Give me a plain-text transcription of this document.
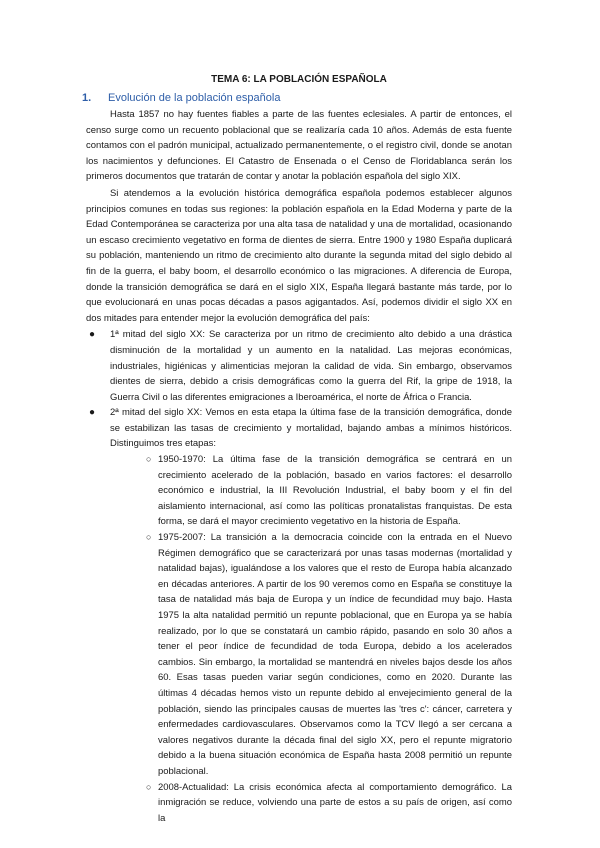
TEMA 6: LA POBLACIÓN ESPAÑOLA
1.	Evolución de la población española

Hasta 1857 no hay fuentes fiables a parte de las fuentes eclesiales. A partir de entonces, el censo surge como un recuento poblacional que se realizaría cada 10 años. Además de esta fuente contamos con el padrón municipal, actualizado permanentemente, o el registro civil, donde se anotan los nacimientos y defunciones. El Catastro de Ensenada o el Censo de Floridablanca serán los primeros documentos que tratarán de contar y anotar la población española del siglo XIX.

Si atendemos a la evolución histórica demográfica española podemos establecer algunos principios comunes en todas sus regiones: la población española en la Edad Moderna y parte de la Edad Contemporánea se caracteriza por una alta tasa de natalidad y una de mortalidad, ocasionando un escaso crecimiento vegetativo en forma de dientes de sierra. Entre 1900 y 1980 España duplicará su población, manteniendo un ritmo de crecimiento alto durante la segunda mitad del siglo debido al fin de la guerra, el baby boom, el desarrollo económico o las migraciones. A diferencia de Europa, donde la transición demográfica se dará en el siglo XIX, España llegará bastante más tarde, por lo que evolucionará en unas pocas décadas a pasos agigantados. Así, podemos dividir el siglo XX en dos mitades para entender mejor la evolución demográfica del país:

● 1ª mitad del siglo XX: Se caracteriza por un ritmo de crecimiento alto debido a una drástica disminución de la mortalidad y un aumento en la natalidad. Las mejoras económicas, industriales, higiénicas y alimenticias mejoran la calidad de vida. Sin embargo, observamos dientes de sierra, debido a crisis demográficas como la guerra del Rif, la gripe de 1918, la Guerra Civil o las diferentes emigraciones a Iberoamérica, el norte de África o Francia.
● 2ª mitad del siglo XX: Vemos en esta etapa la última fase de la transición demográfica, donde se estabilizan las tasas de crecimiento y mortalidad, bajando ambas a mínimos históricos. Distinguimos tres etapas:
○ 1950-1970: La última fase de la transición demográfica se centrará en un crecimiento acelerado de la población, basado en varios factores: el desarrollo económico e industrial, la III Revolución Industrial, el baby boom y el fin del aislamiento internacional, así como las políticas pronatalistas franquistas. De esta forma, se dará el mayor crecimiento vegetativo en la historia de España.
○ 1975-2007: La transición a la democracia coincide con la entrada en el Nuevo Régimen demográfico que se caracterizará por unas tasas modernas (mortalidad y natalidad bajas), igualándose a los valores que el resto de Europa había alcanzado en décadas anteriores. A partir de los 90 veremos como en España se constituye la tasa de natalidad más baja de Europa y un índice de fecundidad muy bajo. Hasta 1975 la alta natalidad permitió un repunte poblacional, que en Europa ya se había realizado, por lo que se constatará un cambio rápido, pasando en solo 30 años a tener el peor índice de fecundidad de toda Europa, debido a los acelerados cambios. Sin embargo, la mortalidad se mantendrá en niveles bajos desde los años 60. Esas tasas pueden variar según condiciones, como en 2020. Durante las últimas 4 décadas hemos visto un repunte debido al envejecimiento general de la población, siendo las principales causas de muertes las 'tres c': cáncer, carretera y enfermedades cardiovasculares. Observamos como la TCV llegó a ser cercana a valores negativos durante la década final del siglo XX, pero el repunte migratorio debido a la buena situación económica de España hasta 2008 permitió un repunte poblacional.
○ 2008-Actualidad: La crisis económica afecta al comportamiento demográfico. La inmigración se reduce, volviendo una parte de estos a su país de origen, así como la
